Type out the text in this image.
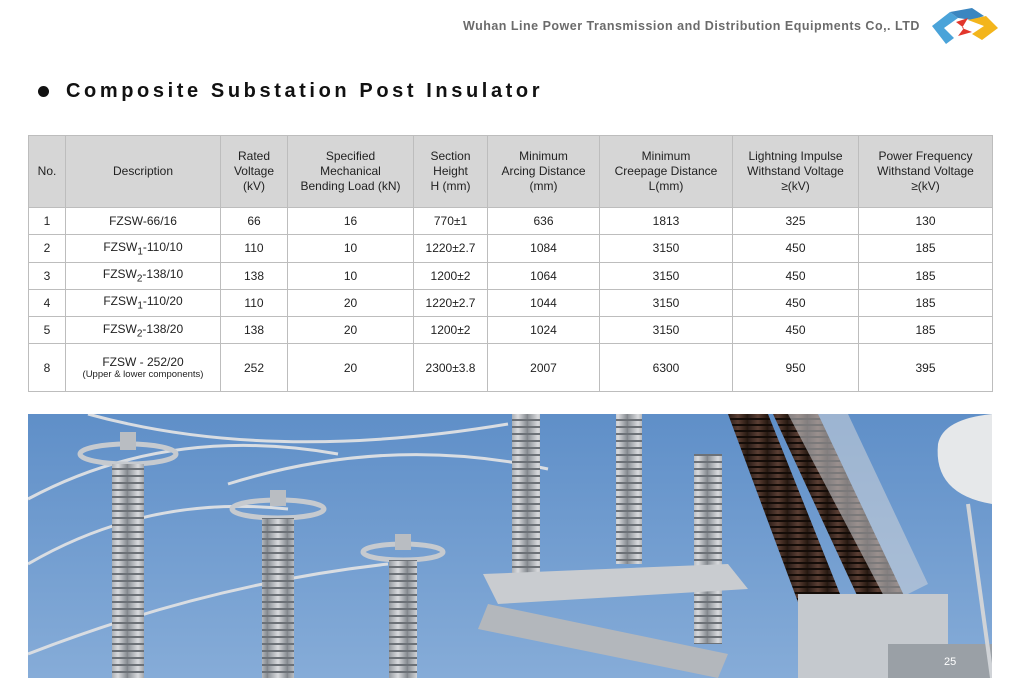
Wuhan Line Power Transmission and Distribution Equipments Co,. LTD
Composite Substation Post Insulator
No.	Description	Rated
Voltage
(kV)	Specified
Mechanical
Bending Load (kN)	Section
Height
H (mm)	Minimum
Arcing Distance
(mm)	Minimum
Creepage Distance
L(mm)	Lightning Impulse
Withstand Voltage
≥(kV)	Power Frequency
Withstand Voltage
≥(kV)
1	FZSW-66/16	66	16	770±1	636	1813	325	130
2	$FZSW_1-110/10$	110	10	1220±2.7	1084	3150	450	185
3	$FZSW_2-138/10$	138	10	1200±2	1064	3150	450	185
4	$FZSW_1-110/20$	110	20	1220±2.7	1044	3150	450	185
5	$FZSW_2-138/20$	138	20	1200±2	1024	3150	450	185
8	FZSW - 252/20
(Upper & lower components)	252	20	2300±3.8	2007	6300	950	395
25
